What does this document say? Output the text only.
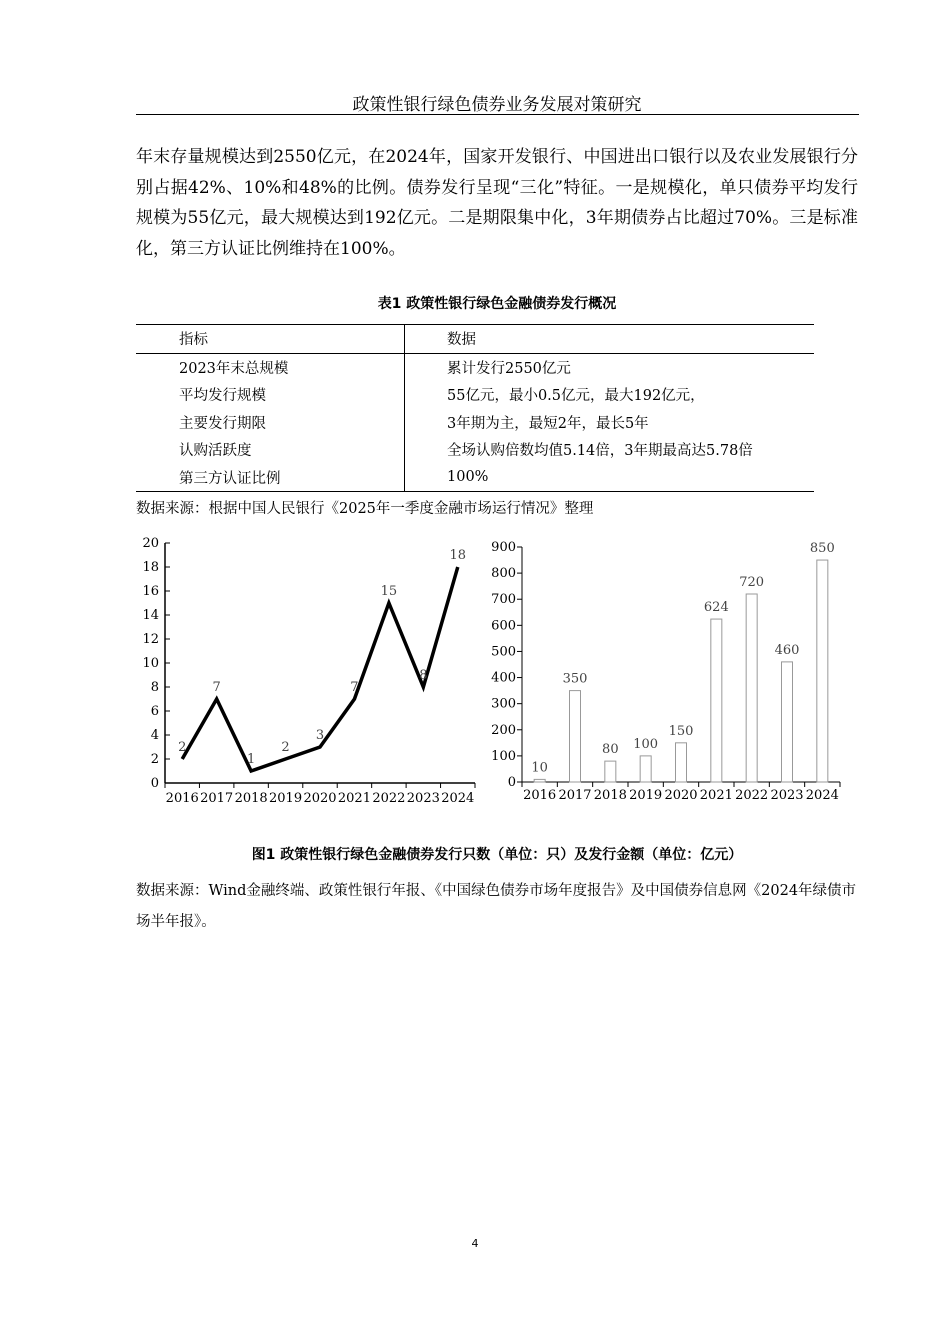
政策性银行绿色债券业务发展对策研究
年末存量规模达到2550亿元，在2024年，国家开发银行、中国进出口银行以及农业发展银行分别占据42%、10%和48%的比例。债券发行呈现“三化”特征。一是规模化，单只债券平均发行规模为55亿元，最大规模达到192亿元。二是期限集中化，3年期债券占比超过70%。三是标准化，第三方认证比例维持在100%。
表1 政策性银行绿色金融债券发行概况
指标	数据
2023年末总规模	累计发行2550亿元
平均发行规模	55亿元，最小0.5亿元，最大192亿元，
主要发行期限	3年期为主，最短2年，最长5年
认购活跃度	全场认购倍数均值5.14倍，3年期最高达5.78倍
第三方认证比例	100%
数据来源：根据中国人民银行《2025年一季度金融市场运行情况》整理
0
2
4
6
8
10
12
14
16
18
20
2016 2017 2018 2019 2020 2021 2022 2023 2024
2
7
1
2
3
7
15
8
18
0
100
200
300
400
500
600
700
800
900
2016 2017 2018 2019 2020 2021 2022 2023 2024
10
350
80 100
150
624
720
460
850
图1 政策性银行绿色金融债券发行只数（单位：只）及发行金额（单位：亿元）
数据来源：Wind金融终端、政策性银行年报、《中国绿色债券市场年度报告》及中国债券信息网《2024年绿债市场半年报》。
4
